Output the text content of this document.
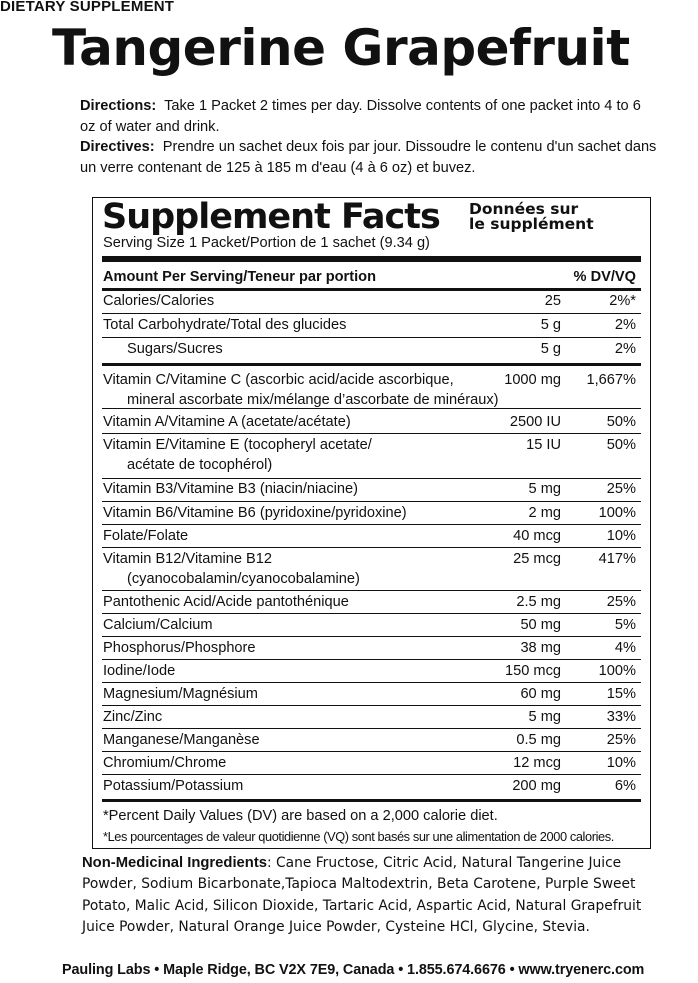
DIETARY SUPPLEMENT
Tangerine Grapefruit

Directions: Take 1 Packet 2 times per day. Dissolve contents of one packet into 4 to 6 oz of water and drink.

Directives: Prendre un sachet deux fois par jour. Dissoudre le contenu d'un sachet dans un verre contenant de 125 à 185 m d'eau (4 à 6 oz) et buvez.

Supplement Facts Données sur
le supplément
Serving Size 1 Packet/Portion de 1 sachet (9.34 g)
Amount Per Serving/Teneur par portion	% DV/VQ
*Percent Daily Values (DV) are based on a 2,000 calorie diet.
*Les pourcentages de valeur quotidienne (VQ) sont basés sur une alimentation de 2000 calories.
Calories/Calories	25	2%*
Total Carbohydrate/Total des glucides	5 g	2%
Sugars/Sucres	5 g	2%
Vitamin C/Vitamine C (ascorbic acid/acide ascorbique,
mineral ascorbate mix/mélange d’ascorbate de minéraux)
1000 mg 1,667%
Vitamin A/Vitamine A (acetate/acétate)	2500 IU	50%
Vitamin E/Vitamine E (tocopheryl acetate/
acétate de tocophérol)
15 IU	50%
Vitamin B3/Vitamine B3 (niacin/niacine)	5 mg	25%
Vitamin B6/Vitamine B6 (pyridoxine/pyridoxine)	2 mg	100%
Folate/Folate	40 mcg	10%
Vitamin B12/Vitamine B12
(cyanocobalamin/cyanocobalamine)
25 mcg	417%
Pantothenic Acid/Acide pantothénique	2.5 mg	25%
Calcium/Calcium	50 mg	5%
Phosphorus/Phosphore	38 mg	4%
Iodine/Iode	150 mcg	100%
Magnesium/Magnésium	60 mg	15%
Zinc/Zinc	5 mg	33%
Manganese/Manganèse	0.5 mg	25%
Chromium/Chrome	12 mcg	10%
Potassium/Potassium	200 mg	6%
Non-Medicinal Ingredients: Cane Fructose, Citric Acid, Natural Tangerine Juice Powder, Sodium Bicarbonate,Tapioca Maltodextrin, Beta Carotene, Purple Sweet Potato, Malic Acid, Silicon Dioxide, Tartaric Acid, Aspartic Acid, Natural Grapefruit Juice Powder, Natural Orange Juice Powder, Cysteine HCl, Glycine, Stevia.
Pauling Labs • Maple Ridge, BC V2X 7E9, Canada • 1.855.674.6676 • www.tryenerc.com
